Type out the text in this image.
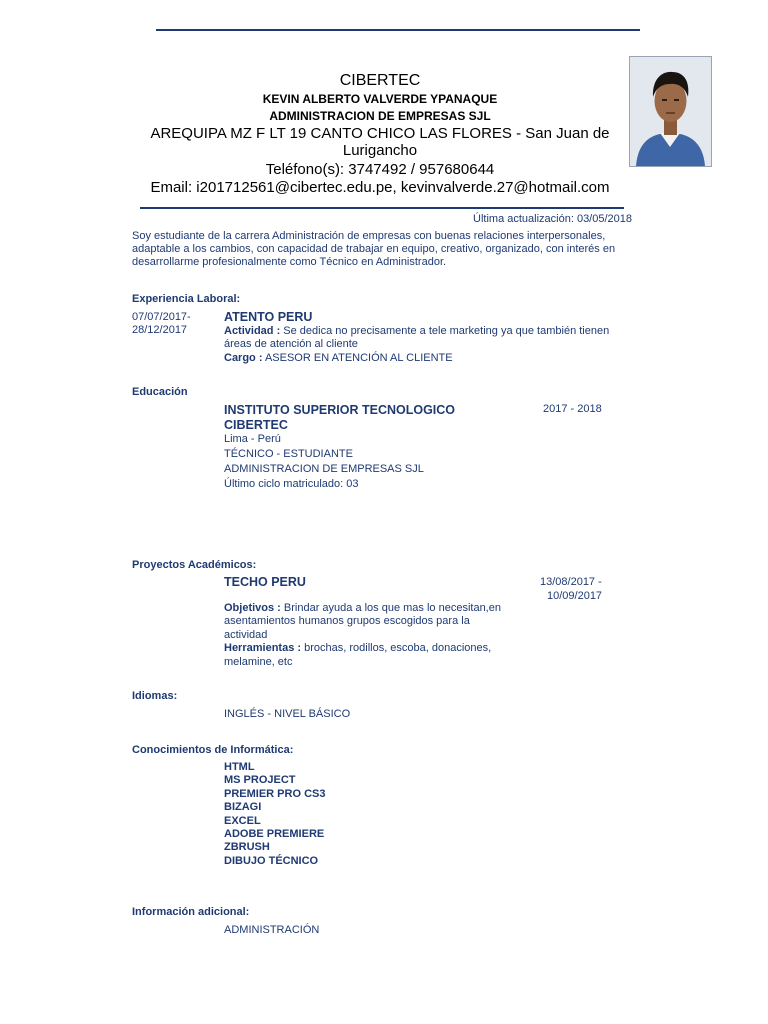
CIBERTEC
KEVIN ALBERTO VALVERDE YPANAQUE
ADMINISTRACION DE EMPRESAS SJL
AREQUIPA MZ F LT 19 CANTO CHICO LAS FLORES - San Juan de
Lurigancho
Teléfono(s): 3747492 / 957680644
Email: i201712561@cibertec.edu.pe, kevinvalverde.27@hotmail.com
Última actualización: 03/05/2018
Soy estudiante de la carrera Administración de empresas con buenas relaciones interpersonales,
adaptable a los cambios, con capacidad de trabajar en equipo, creativo, organizado, con interés en
desarrollarme profesionalmente como Técnico en Administrador.
Experiencia Laboral:
07/07/2017-
28/12/2017
ATENTO PERU
Actividad : Se dedica no precisamente a tele marketing ya que también tienen
áreas de atención al cliente
Cargo : ASESOR EN ATENCIÓN AL CLIENTE
Educación
INSTITUTO SUPERIOR TECNOLOGICO
CIBERTEC
2017 - 2018
Lima - Perú
TÉCNICO - ESTUDIANTE
ADMINISTRACION DE EMPRESAS SJL
Último ciclo matriculado: 03
Proyectos Académicos:
TECHO PERU	13/08/2017 -
10/09/2017
Objetivos : Brindar ayuda a los que mas lo necesitan,en
asentamientos humanos grupos escogidos para la
actividad
Herramientas : brochas, rodillos, escoba, donaciones,
melamine, etc
Idiomas:
INGLÉS - NIVEL BÁSICO
Conocimientos de Informática:
HTML
MS PROJECT
PREMIER PRO CS3
BIZAGI
EXCEL
ADOBE PREMIERE
ZBRUSH
DIBUJO TÉCNICO
Información adicional:
ADMINISTRACIÓN
